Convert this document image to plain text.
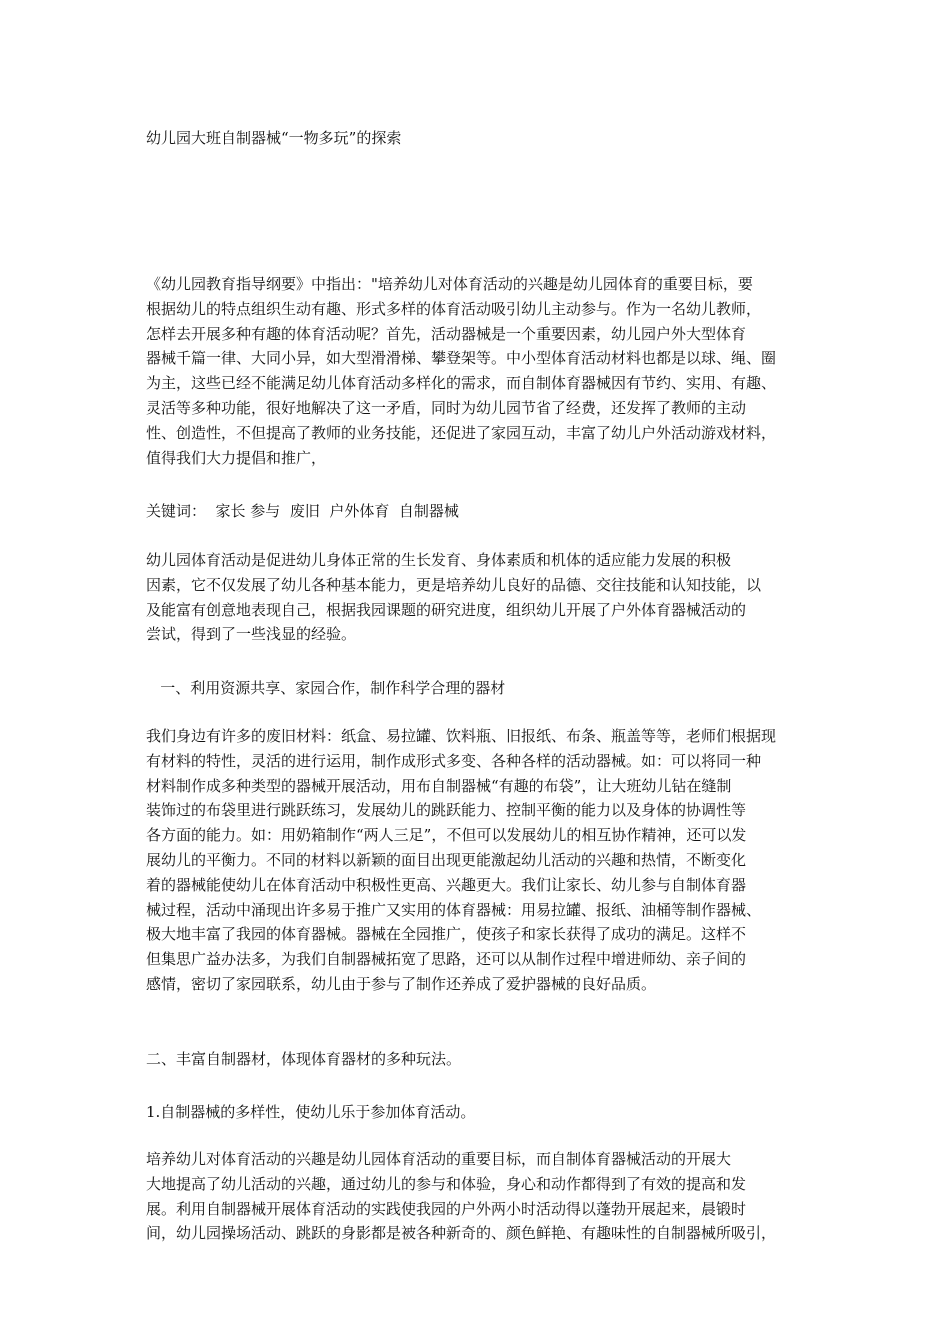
幼儿园大班自制器械“一物多玩”的探索

《幼儿园教育指导纲要》中指出："培养幼儿对体育活动的兴趣是幼儿园体育的重要目标，要
根据幼儿的特点组织生动有趣、形式多样的体育活动吸引幼儿主动参与。作为一名幼儿教师，
怎样去开展多种有趣的体育活动呢？首先，活动器械是一个重要因素，幼儿园户外大型体育
器械千篇一律、大同小异，如大型滑滑梯、攀登架等。中小型体育活动材料也都是以球、绳、圈
为主，这些已经不能满足幼儿体育活动多样化的需求，而自制体育器械因有节约、实用、有趣、
灵活等多种功能，很好地解决了这一矛盾，同时为幼儿园节省了经费，还发挥了教师的主动
性、创造性，不但提高了教师的业务技能，还促进了家园互动，丰富了幼儿户外活动游戏材料，
值得我们大力提倡和推广，

关键词：  家长 参与  废旧  户外体育  自制器械

幼儿园体育活动是促进幼儿身体正常的生长发育、身体素质和机体的适应能力发展的积极
因素，它不仅发展了幼儿各种基本能力，更是培养幼儿良好的品德、交往技能和认知技能，以
及能富有创意地表现自己，根据我园课题的研究进度，组织幼儿开展了户外体育器械活动的
尝试，得到了一些浅显的经验。

一、利用资源共享、家园合作，制作科学合理的器材

我们身边有许多的废旧材料：纸盒、易拉罐、饮料瓶、旧报纸、布条、瓶盖等等，老师们根据现
有材料的特性，灵活的进行运用，制作成形式多变、各种各样的活动器械。如：可以将同一种
材料制作成多种类型的器械开展活动，用布自制器械“有趣的布袋”，让大班幼儿钻在缝制
装饰过的布袋里进行跳跃练习，发展幼儿的跳跃能力、控制平衡的能力以及身体的协调性等
各方面的能力。如：用奶箱制作“两人三足”，不但可以发展幼儿的相互协作精神，还可以发
展幼儿的平衡力。不同的材料以新颖的面目出现更能激起幼儿活动的兴趣和热情，不断变化
着的器械能使幼儿在体育活动中积极性更高、兴趣更大。我们让家长、幼儿参与自制体育器
械过程，活动中涌现出许多易于推广又实用的体育器械：用易拉罐、报纸、油桶等制作器械、
极大地丰富了我园的体育器械。器械在全园推广，使孩子和家长获得了成功的满足。这样不
但集思广益办法多，为我们自制器械拓宽了思路，还可以从制作过程中增进师幼、亲子间的
感情，密切了家园联系，幼儿由于参与了制作还养成了爱护器械的良好品质。

二、丰富自制器材，体现体育器材的多种玩法。

1.自制器械的多样性，使幼儿乐于参加体育活动。

培养幼儿对体育活动的兴趣是幼儿园体育活动的重要目标，而自制体育器械活动的开展大
大地提高了幼儿活动的兴趣，通过幼儿的参与和体验，身心和动作都得到了有效的提高和发
展。利用自制器械开展体育活动的实践使我园的户外两小时活动得以蓬勃开展起来，晨锻时
间，幼儿园操场活动、跳跃的身影都是被各种新奇的、颜色鲜艳、有趣味性的自制器械所吸引，
